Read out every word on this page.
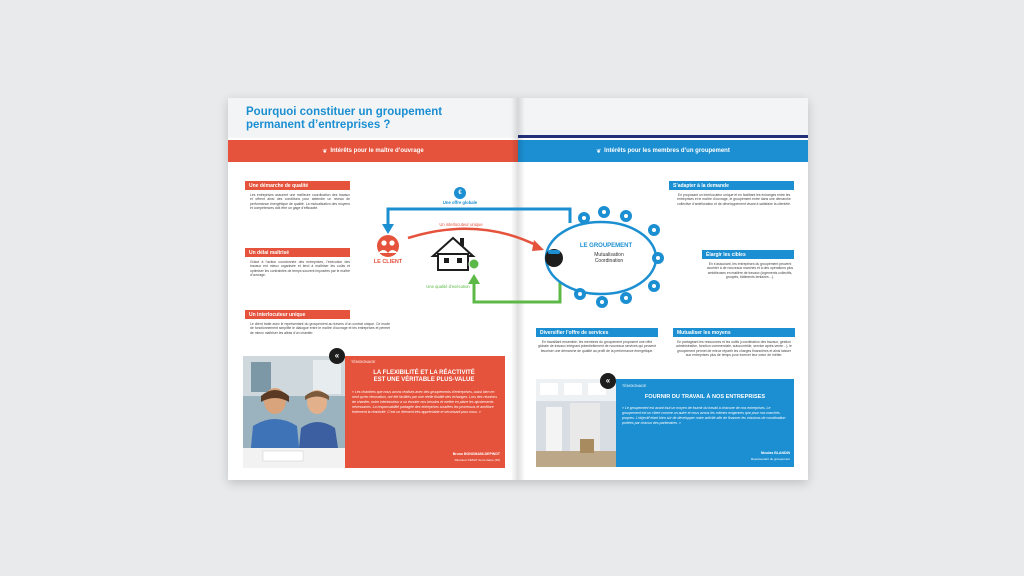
Pourquoi constituer un groupement permanent d’entreprises ?
❦ Intérêts pour le maître d’ouvrage
Une démarche de qualité
Les entreprises assurent une meilleure coordination des travaux et offrent ainsi des conditions pour atteindre un niveau de performance énergétique de qualité. La mutualisation des moyens et compétences doit être un gage d’efficacité.
Un délai maîtrisé
Grâce à l’action coordonnée des entreprises, l’exécution des travaux est mieux organisée et tend à maîtriser les coûts et optimiser les contraintes de temps souvent imposées par le maître d’ouvrage.
Un interlocuteur unique
Le client traite avec le représentant du groupement au travers d’un contrat unique. Ce mode de fonctionnement simplifie le dialogue entre le maître d’ouvrage et les entreprises et permet de mieux maîtriser les aléas d’un chantier.
«
TÉMOIGNAGE
LA FLEXIBILITÉ ET LA RÉACTIVITÉ
EST UNE VÉRITABLE PLUS-VALUE
« Les chantiers que nous avons réalisés avec des groupements d’entreprises, aussi bien en neuf qu’en rénovation, ont été facilités par une réelle fluidité des échanges. Lors des réunions de chantier, notre interlocuteur a su écouter nos besoins et mettre en place les ajustements nécessaires. La responsabilité partagée des entreprises soudées les processus et améliore fortement la réactivité. C’est un élément très appréciable et sécurisant pour nous. »
Bruno BONOMANI-DEPINDT
Directeur d’ESAT de la Harpe (35)
❦ Intérêts pour les membres d’un groupement
S’adapter à la demande
En proposant un interlocuteur unique et en facilitant les échanges entre les entreprises et le maître d’ouvrage, le groupement entre dans une démarche collective d’amélioration et de développement visant à satisfaire la clientèle.
Élargir les cibles
En s’associant, les entreprises du groupement peuvent accéder à de nouveaux marchés et à des opérations plus ambitieuses en matière de travaux (logements collectifs, groupés, bâtiments tertiaires…).
Diversifier l’offre de services
En travaillant ensemble, les membres du groupement proposent une offre globale de travaux intégrant potentiellement de nouveaux services qui peuvent favoriser une démarche de qualité au profit de la performance énergétique.
Mutualiser les moyens
En partageant les ressources et les outils (coordination des travaux, gestion administrative, fonction commerciale, autocontrôle, service après-vente…), le groupement permet de mieux répartir les charges financières et ainsi laisser aux entreprises plus de temps pour exercer leur cœur de métier.
«
TÉMOIGNAGE
FOURNIR DU TRAVAIL À NOS ENTREPRISES
« Le groupement est avant tout un moyen de fournir du travail à chacune de nos entreprises. Le groupement est un client comme un autre et nous avons les mêmes exigences que pour nos marchés propres. L’objectif étant bien sûr de développer notre activité afin de financer les missions de coordination portées par chacun des partenaires. »
Nicolas BLANDIN
Représentant du groupement
€
Une offre globale
LE CLIENT
Un interlocuteur unique
Une qualité d’exécution
LE GROUPEMENT
Mutualisation
Coordination
